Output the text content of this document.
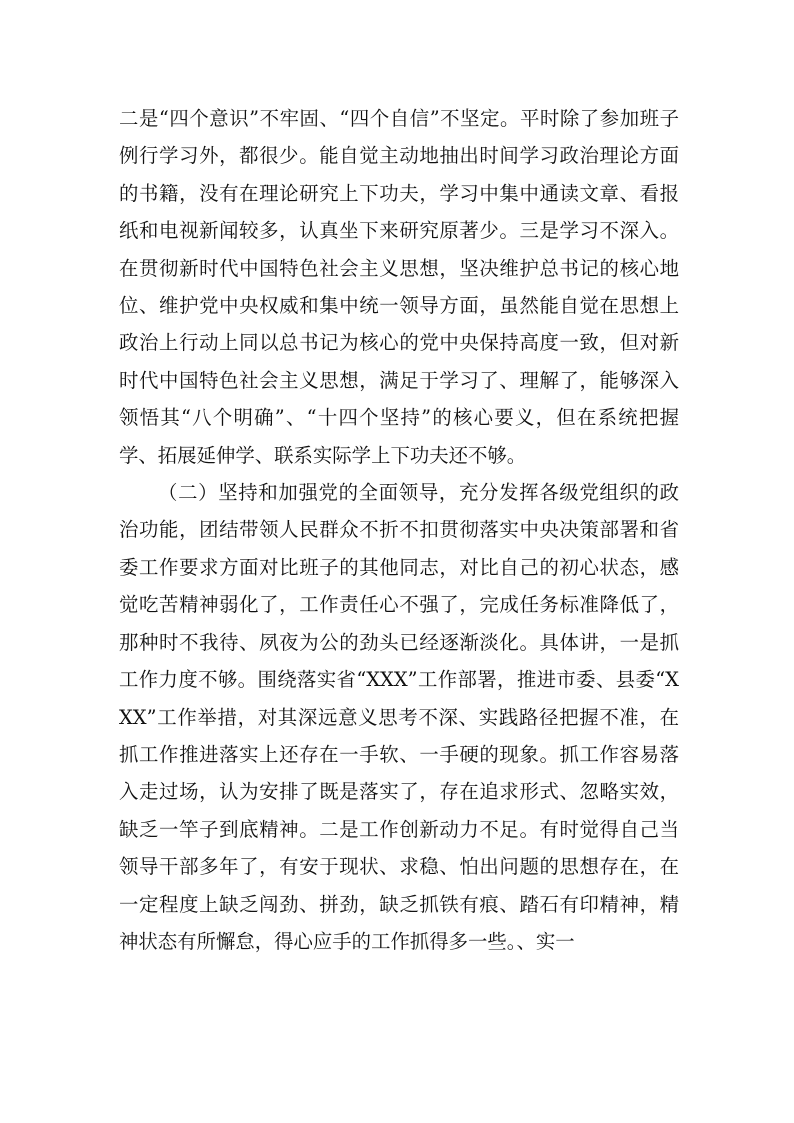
二是“四个意识”不牢固、“四个自信”不坚定。平时除了参加班子例行学习外，都很少。能自觉主动地抽出时间学习政治理论方面的书籍，没有在理论研究上下功夫，学习中集中通读文章、看报纸和电视新闻较多，认真坐下来研究原著少。三是学习不深入。在贯彻新时代中国特色社会主义思想，坚决维护总书记的核心地位、维护党中央权威和集中统一领导方面，虽然能自觉在思想上政治上行动上同以总书记为核心的党中央保持高度一致，但对新时代中国特色社会主义思想，满足于学习了、理解了，能够深入领悟其“八个明确”、“十四个坚持”的核心要义，但在系统把握学、拓展延伸学、联系实际学上下功夫还不够。

（二）坚持和加强党的全面领导，充分发挥各级党组织的政治功能，团结带领人民群众不折不扣贯彻落实中央决策部署和省委工作要求方面对比班子的其他同志，对比自己的初心状态，感觉吃苦精神弱化了，工作责任心不强了，完成任务标准降低了，那种时不我待、夙夜为公的劲头已经逐渐淡化。具体讲，一是抓工作力度不够。围绕落实省“XXX”工作部署，推进市委、县委“XXX”工作举措，对其深远意义思考不深、实践路径把握不准，在抓工作推进落实上还存在一手软、一手硬的现象。抓工作容易落入走过场，认为安排了既是落实了，存在追求形式、忽略实效，缺乏一竿子到底精神。二是工作创新动力不足。有时觉得自己当领导干部多年了，有安于现状、求稳、怕出问题的思想存在，在一定程度上缺乏闯劲、拼劲，缺乏抓铁有痕、踏石有印精神，精神状态有所懈怠，得心应手的工作抓得多一些。、实一
